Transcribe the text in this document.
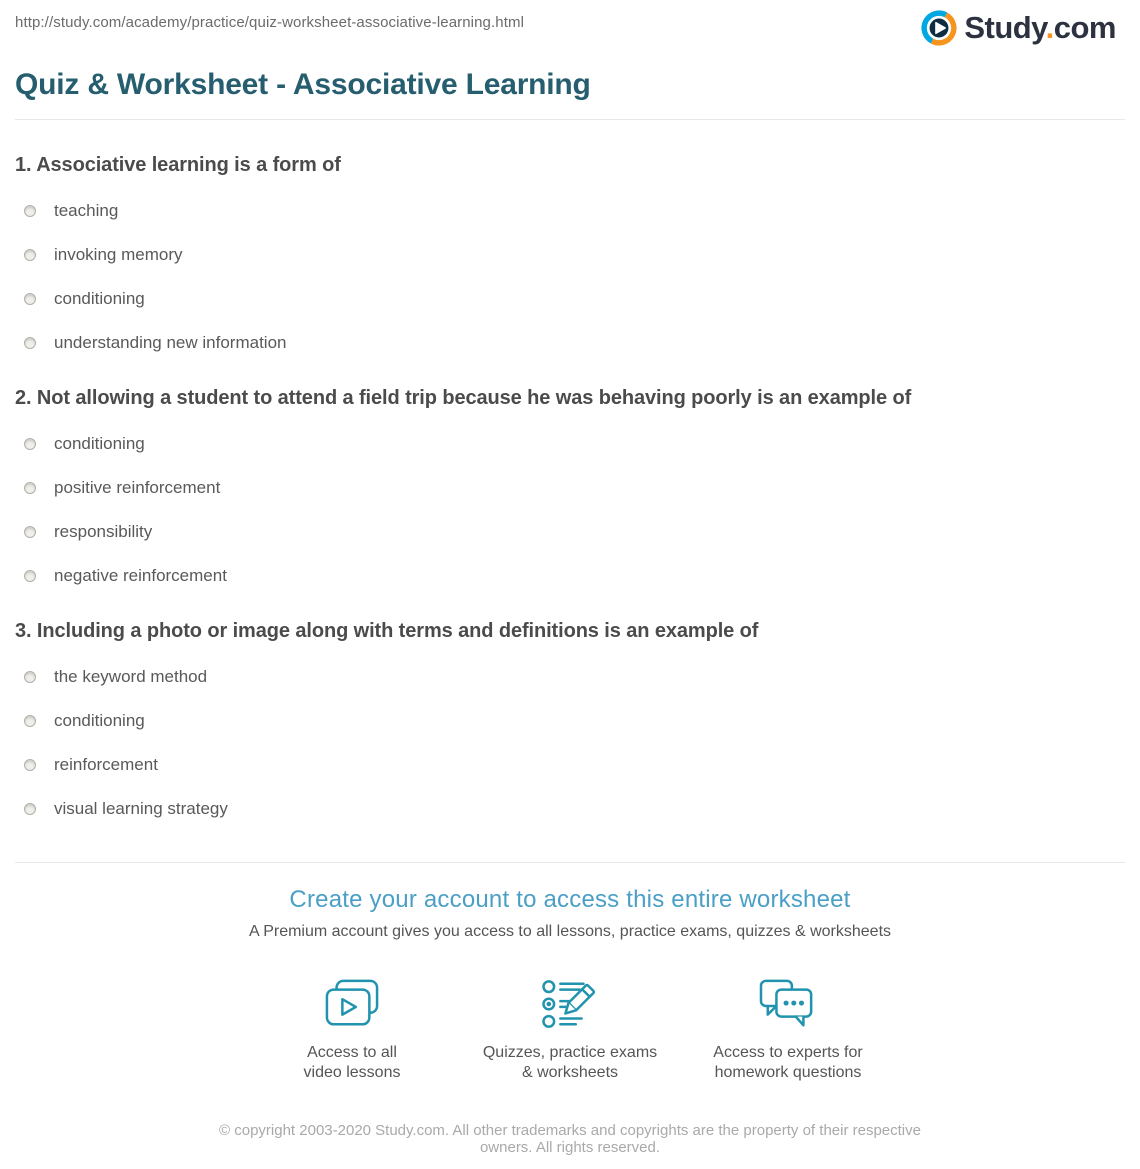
http://study.com/academy/practice/quiz-worksheet-associative-learning.html	Study.com
Quiz & Worksheet - Associative Learning
1. Associative learning is a form of
teaching
invoking memory
conditioning
understanding new information
2. Not allowing a student to attend a field trip because he was behaving poorly is an example of
conditioning
positive reinforcement
responsibility
negative reinforcement
3. Including a photo or image along with terms and definitions is an example of
the keyword method
conditioning
reinforcement
visual learning strategy
Create your account to access this entire worksheet

A Premium account gives you access to all lessons, practice exams, quizzes & worksheets

Access to all
video lessons
Quizzes, practice exams
& worksheets
Access to experts for
homework questions

© copyright 2003-2020 Study.com. All other trademarks and copyrights are the property of their respective owners. All rights reserved.
